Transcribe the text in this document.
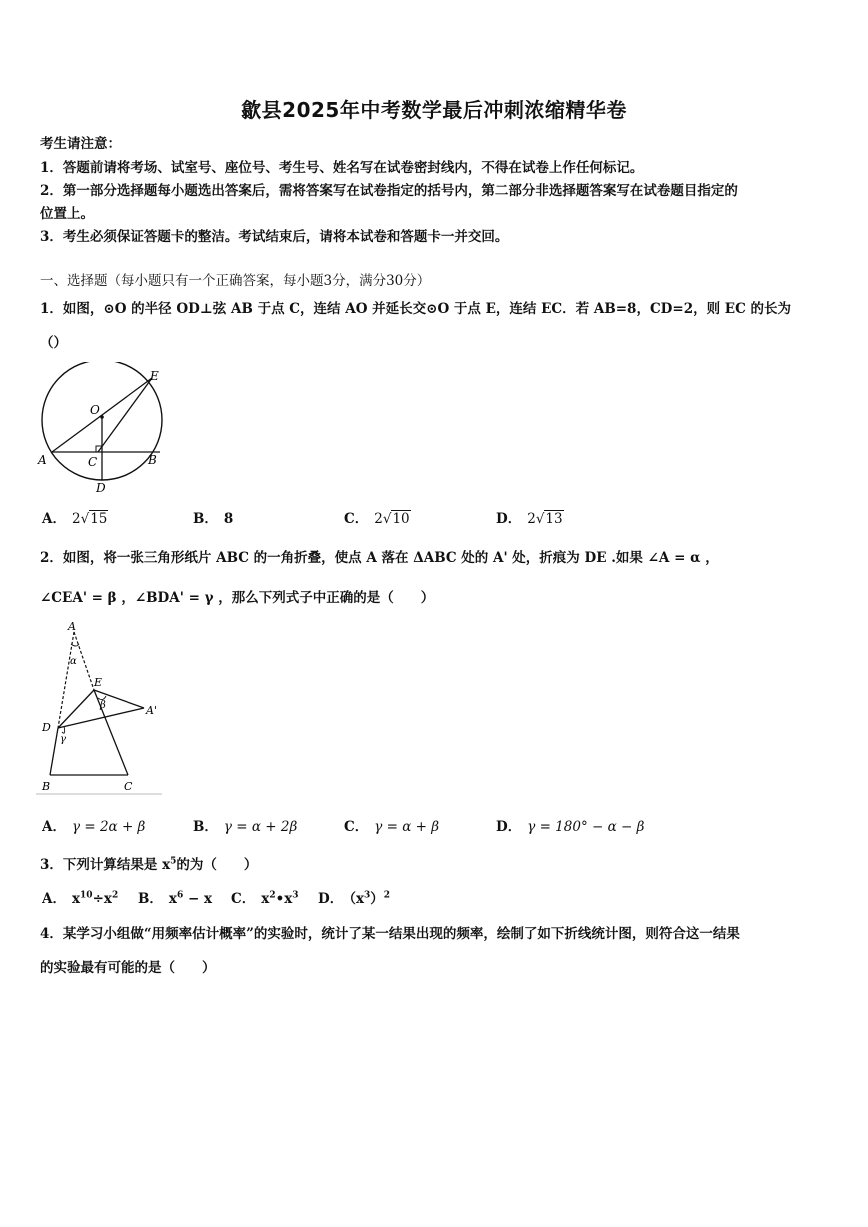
歙县2025年中考数学最后冲刺浓缩精华卷
考生请注意：
1．答题前请将考场、试室号、座位号、考生号、姓名写在试卷密封线内，不得在试卷上作任何标记。
2．第一部分选择题每小题选出答案后，需将答案写在试卷指定的括号内，第二部分非选择题答案写在试卷题目指定的
位置上。
3．考生必须保证答题卡的整洁。考试结束后，请将本试卷和答题卡一并交回。
一、选择题（每小题只有一个正确答案，每小题3分，满分30分）
1．如图，⊙O 的半径 OD⊥弦 AB 于点 C，连结 AO 并延长交⊙O 于点 E，连结 EC．若 AB=8，CD=2，则 EC 的长为
（）
E
O
A	C	B
D
A． 2√15	B． 8	C． 2√10	D． 2√13
2．如图，将一张三角形纸片 ABC 的一角折叠，使点 A 落在 ΔABC 处的 A' 处，折痕为 DE .如果 ∠A = α ，
∠CEA' = β ，∠BDA' = γ ，那么下列式子中正确的是（　　）
A
α
E
β	A'
D
γ
B	C
A． γ = 2α + β	B． γ = α + 2β	C． γ = α + β	D． γ = 180° − α − β
3．下列计算结果是 $x^5$的为（　　）
A． $x^{10}\div x^2$ B． $x^6 - x$ C． $x^2•x^3$ D． $(x^3)^2$
4．某学习小组做“用频率估计概率”的实验时，统计了某一结果出现的频率，绘制了如下折线统计图，则符合这一结果
的实验最有可能的是（　　）
